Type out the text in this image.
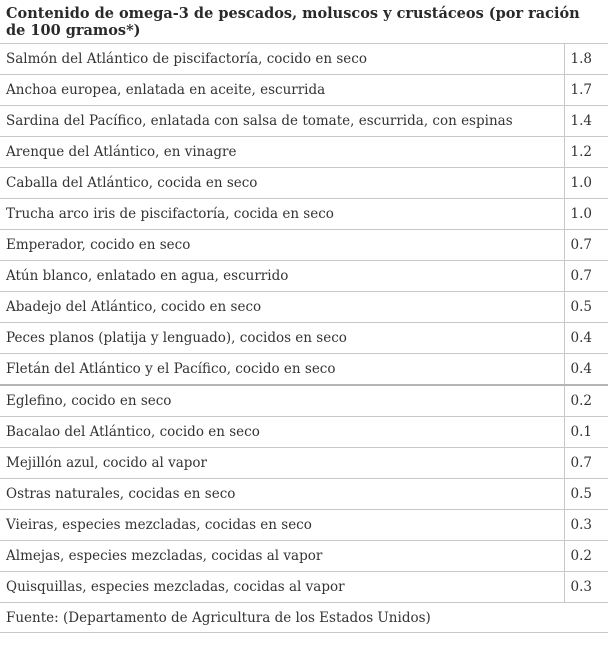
Contenido de omega-3 de pescados, moluscos y crustáceos (por ración de 100 gramos*)
Salmón del Atlántico de piscifactoría, cocido en seco	1.8
Anchoa europea, enlatada en aceite, escurrida	1.7
Sardina del Pacífico, enlatada con salsa de tomate, escurrida, con espinas	1.4
Arenque del Atlántico, en vinagre	1.2
Caballa del Atlántico, cocida en seco	1.0
Trucha arco iris de piscifactoría, cocida en seco	1.0
Emperador, cocido en seco	0.7
Atún blanco, enlatado en agua, escurrido	0.7
Abadejo del Atlántico, cocido en seco	0.5
Peces planos (platija y lenguado), cocidos en seco	0.4
Fletán del Atlántico y el Pacífico, cocido en seco	0.4
Eglefino, cocido en seco	0.2
Bacalao del Atlántico, cocido en seco	0.1
Mejillón azul, cocido al vapor	0.7
Ostras naturales, cocidas en seco	0.5
Vieiras, especies mezcladas, cocidas en seco	0.3
Almejas, especies mezcladas, cocidas al vapor	0.2
Quisquillas, especies mezcladas, cocidas al vapor	0.3
Fuente: (Departamento de Agricultura de los Estados Unidos)
